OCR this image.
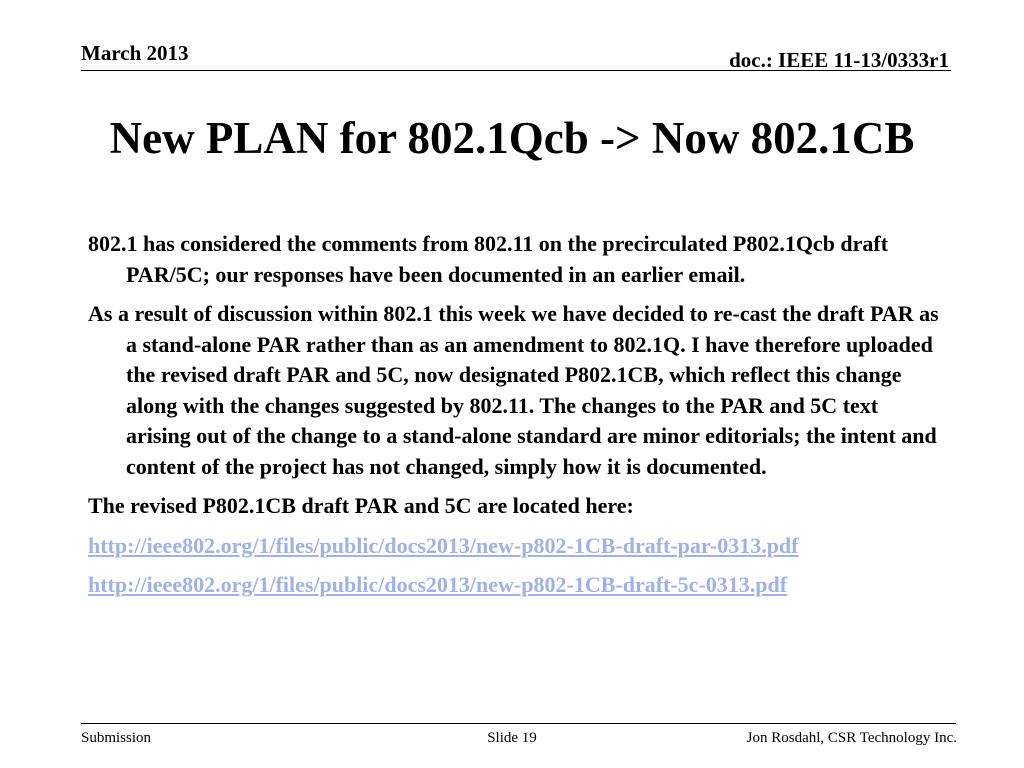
March 2013	doc.: IEEE 11-13/0333r1
New PLAN for 802.1Qcb -> Now 802.1CB

802.1 has considered the comments from 802.11 on the precirculated P802.1Qcb draft PAR/5C; our responses have been documented in an earlier email.

As a result of discussion within 802.1 this week we have decided to re-cast the draft PAR as a stand-alone PAR rather than as an amendment to 802.1Q. I have therefore uploaded the revised draft PAR and 5C, now designated P802.1CB, which reflect this change along with the changes suggested by 802.11. The changes to the PAR and 5C text arising out of the change to a stand-alone standard are minor editorials; the intent and content of the project has not changed, simply how it is documented.

The revised P802.1CB draft PAR and 5C are located here:

http://ieee802.org/1/files/public/docs2013/new-p802-1CB-draft-par-0313.pdf

http://ieee802.org/1/files/public/docs2013/new-p802-1CB-draft-5c-0313.pdf

Submission	Slide 19	Jon Rosdahl, CSR Technology Inc.
